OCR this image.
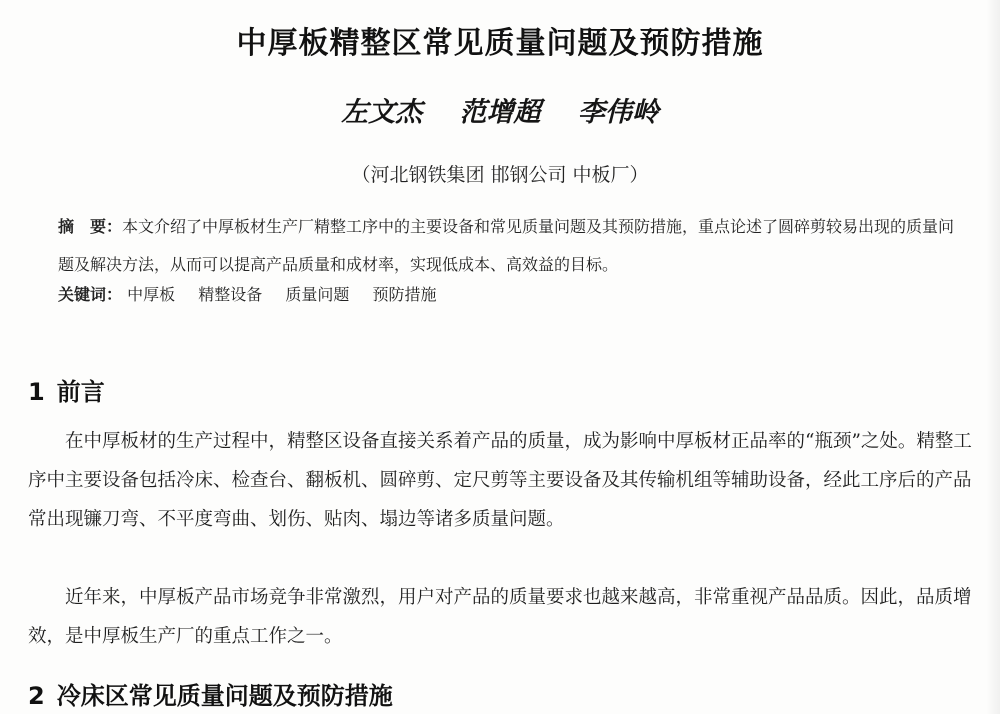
中厚板精整区常见质量问题及预防措施
左文杰 范增超 李伟岭
（河北钢铁集团 邯钢公司 中板厂）
摘　要：本文介绍了中厚板材生产厂精整工序中的主要设备和常见质量问题及其预防措施，重点论述了圆碎剪较易出现的质量问题及解决方法，从而可以提高产品质量和成材率，实现低成本、高效益的目标。
关键词： 中厚板 精整设备 质量问题 预防措施
1 前言
在中厚板材的生产过程中，精整区设备直接关系着产品的质量，成为影响中厚板材正品率的“瓶颈”之处。精整工序中主要设备包括冷床、检查台、翻板机、圆碎剪、定尺剪等主要设备及其传输机组等辅助设备，经此工序后的产品常出现镰刀弯、不平度弯曲、划伤、贴肉、塌边等诸多质量问题。
近年来，中厚板产品市场竞争非常激烈，用户对产品的质量要求也越来越高，非常重视产品品质。因此，品质增效，是中厚板生产厂的重点工作之一。
2 冷床区常见质量问题及预防措施
